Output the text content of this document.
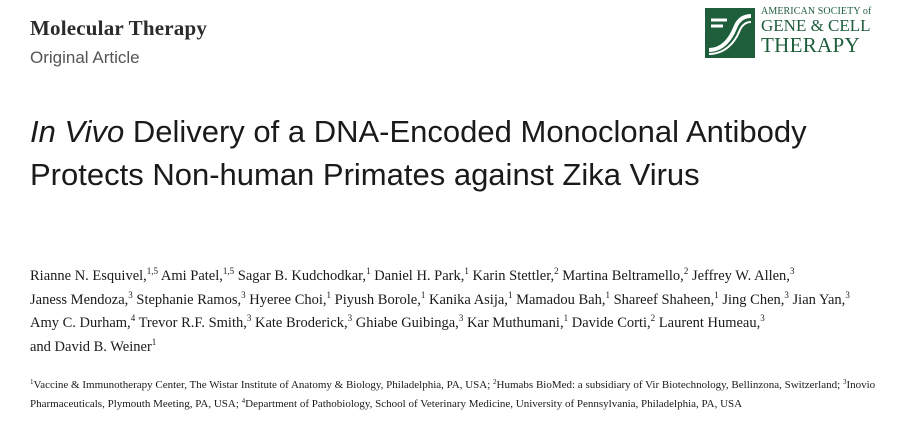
Molecular Therapy
Original Article
AMERICAN SOCIETY of
GENE & CELL
THERAPY
In Vivo Delivery of a DNA-Encoded Monoclonal Antibody Protects Non-human Primates against Zika Virus

Rianne N. Esquivel,$^{1,5}$ Ami Patel,$^{1,5}$ Sagar B. Kudchodkar,$^1$ Daniel H. Park,$^1$ Karin Stettler,$^2$ Martina Beltramello,$^2$ Jeffrey W. Allen,$^3$ Janess Mendoza,$^3$ Stephanie Ramos,$^3$ Hyeree Choi,$^1$ Piyush Borole,$^1$ Kanika Asija,$^1$ Mamadou Bah,$^1$ Shareef Shaheen,$^1$ Jing Chen,$^3$ Jian Yan,$^3$ Amy C. Durham,$^4$ Trevor R.F. Smith,$^3$ Kate Broderick,$^3$ Ghiabe Guibinga,$^3$ Kar Muthumani,$^1$ Davide Corti,$^2$ Laurent Humeau,$^3$ and David B. Weiner$^1$

$^1$Vaccine & Immunotherapy Center, The Wistar Institute of Anatomy & Biology, Philadelphia, PA, USA; $^2$Humabs BioMed: a subsidiary of Vir Biotechnology, Bellinzona, Switzerland; $^3$Inovio Pharmaceuticals, Plymouth Meeting, PA, USA; $^4$Department of Pathobiology, School of Veterinary Medicine, University of Pennsylvania, Philadelphia, PA, USA
